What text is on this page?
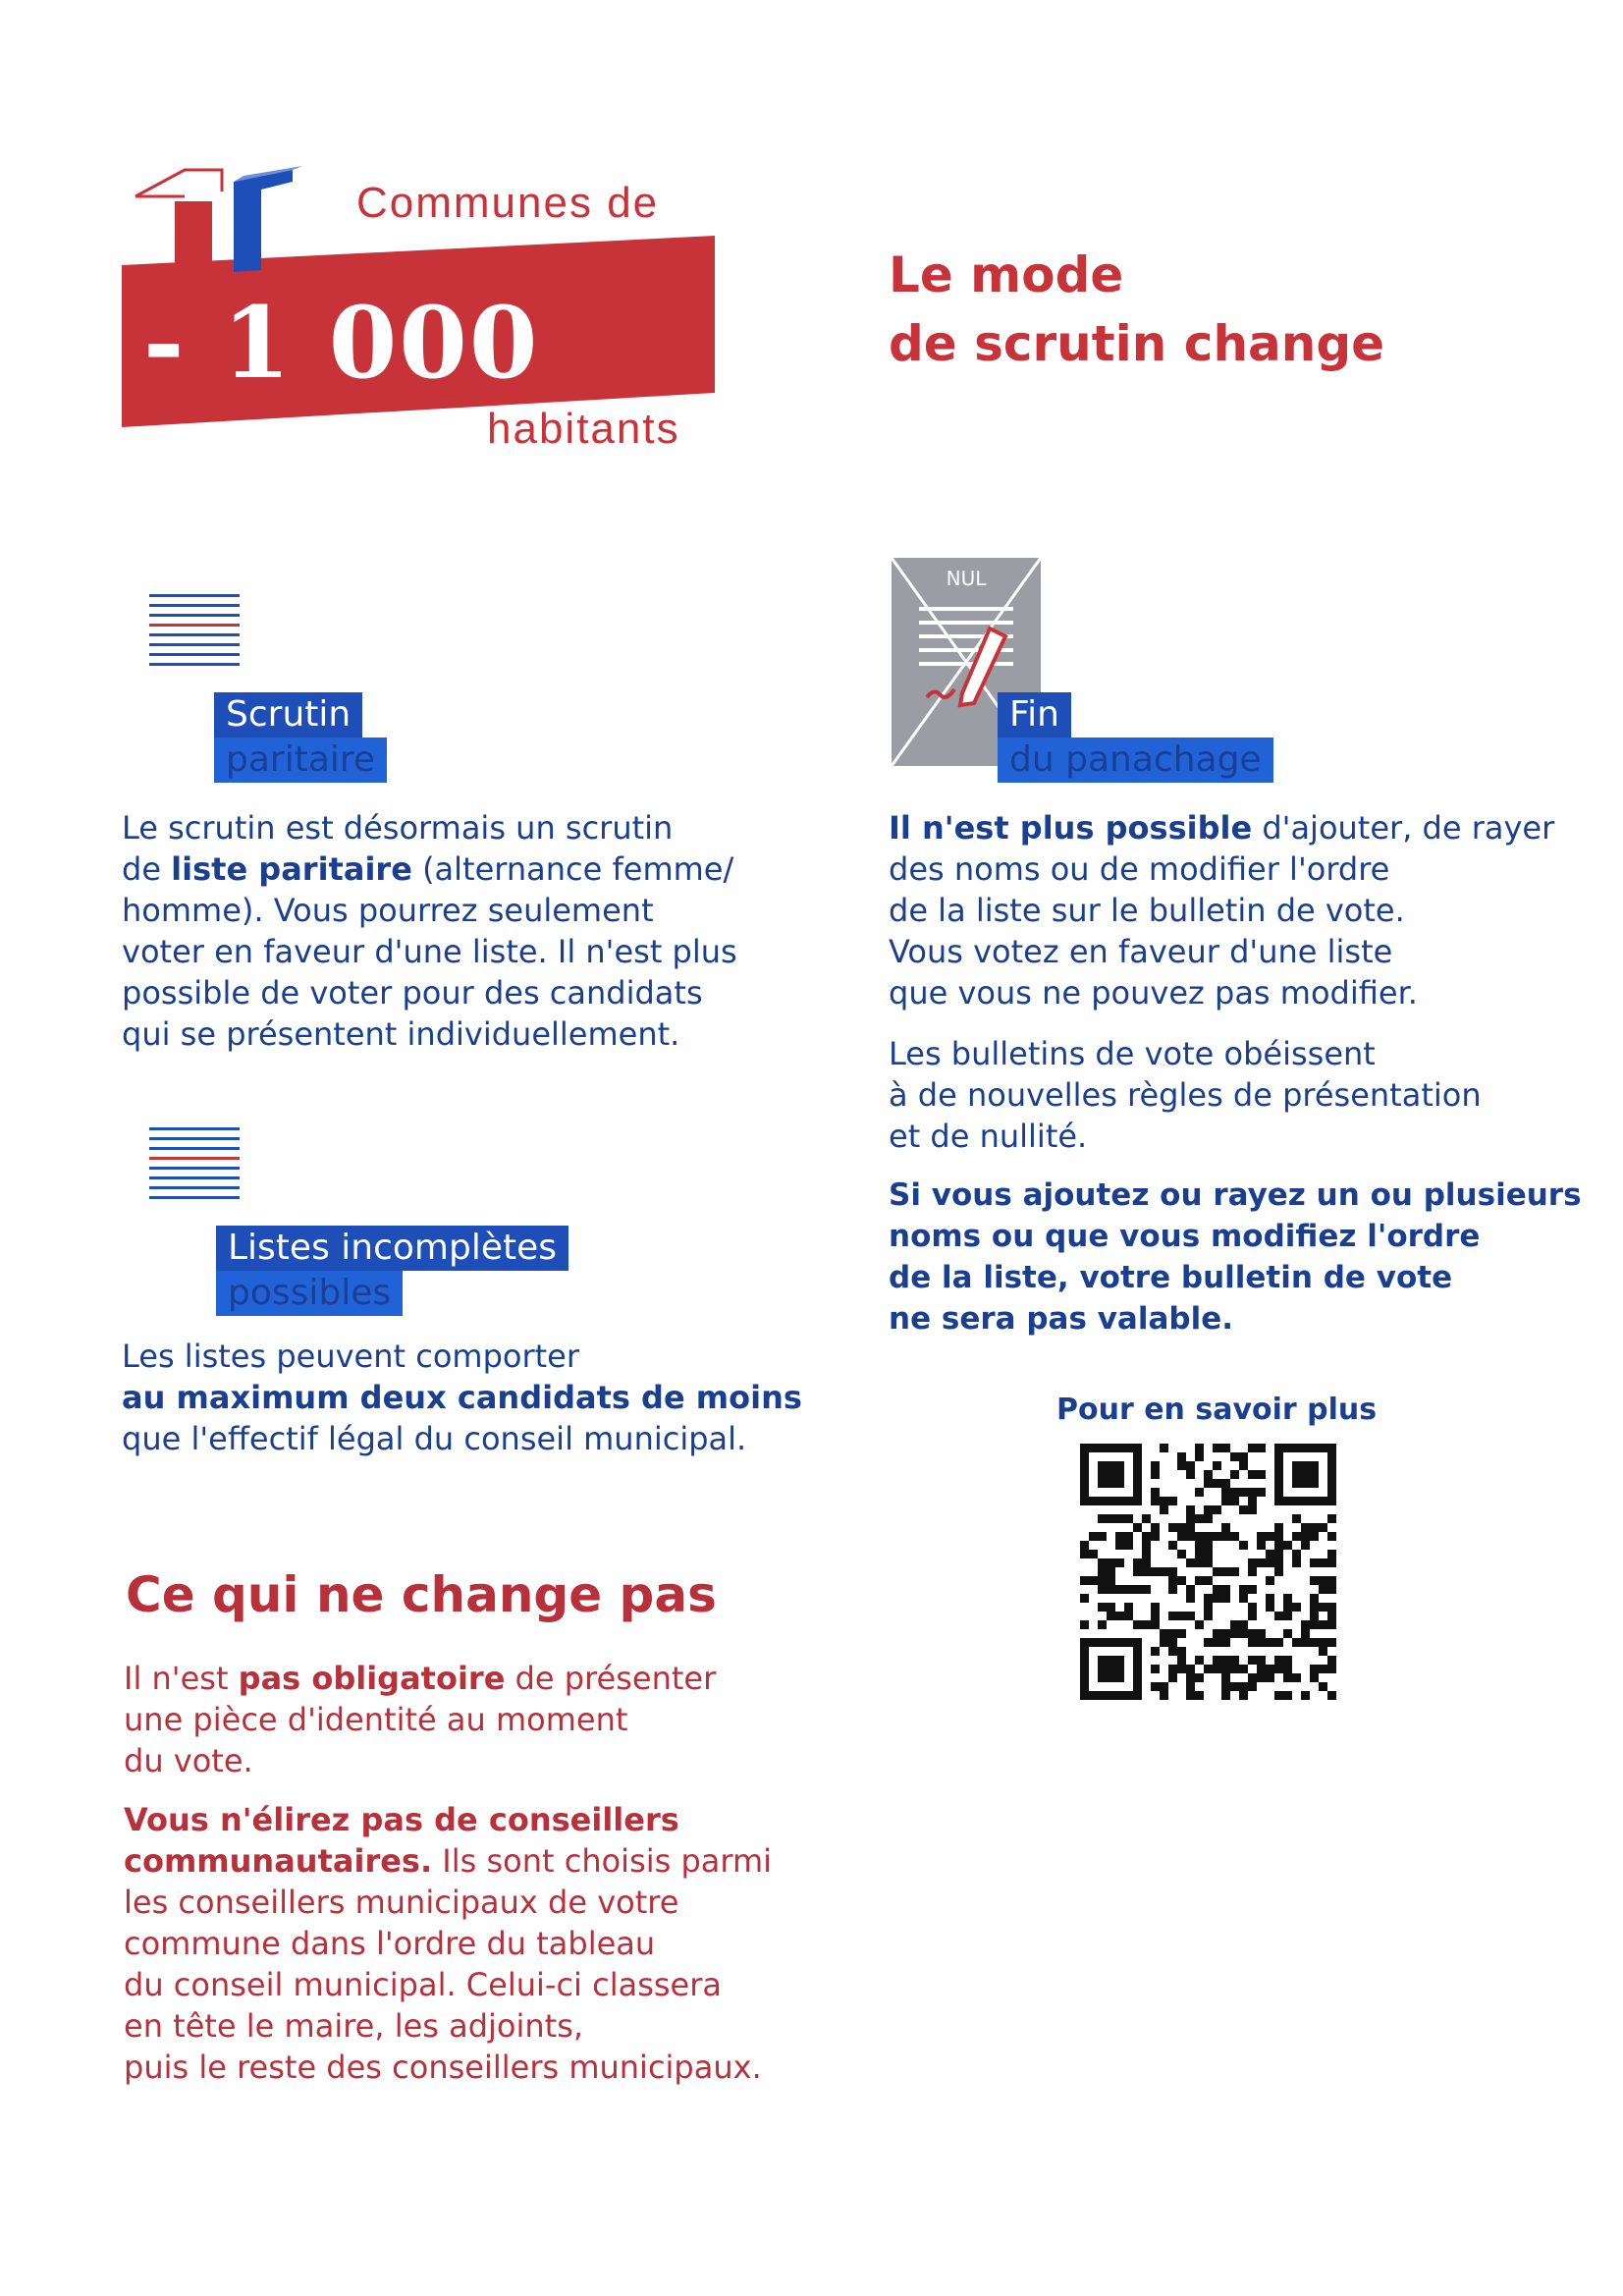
Communes de
- 1 000
habitants
Le mode
de scrutin change
Scrutin
paritaire
Le scrutin est désormais un scrutin
de liste paritaire (alternance femme/
homme). Vous pourrez seulement
voter en faveur d'une liste. Il n'est plus
possible de voter pour des candidats
qui se présentent individuellement.
Listes incomplètes
possibles
Les listes peuvent comporter
au maximum deux candidats de moins
que l'effectif légal du conseil municipal.
NUL
Fin
du panachage
Il n'est plus possible d'ajouter, de rayer
des noms ou de modifier l'ordre
de la liste sur le bulletin de vote.
Vous votez en faveur d'une liste
que vous ne pouvez pas modifier.
Les bulletins de vote obéissent
à de nouvelles règles de présentation
et de nullité.
Si vous ajoutez ou rayez un ou plusieurs
noms ou que vous modifiez l'ordre
de la liste, votre bulletin de vote
ne sera pas valable.
Pour en savoir plus
Ce qui ne change pas
Il n'est pas obligatoire de présenter
une pièce d'identité au moment
du vote.
Vous n'élirez pas de conseillers
communautaires. Ils sont choisis parmi
les conseillers municipaux de votre
commune dans l'ordre du tableau
du conseil municipal. Celui-ci classera
en tête le maire, les adjoints,
puis le reste des conseillers municipaux.
